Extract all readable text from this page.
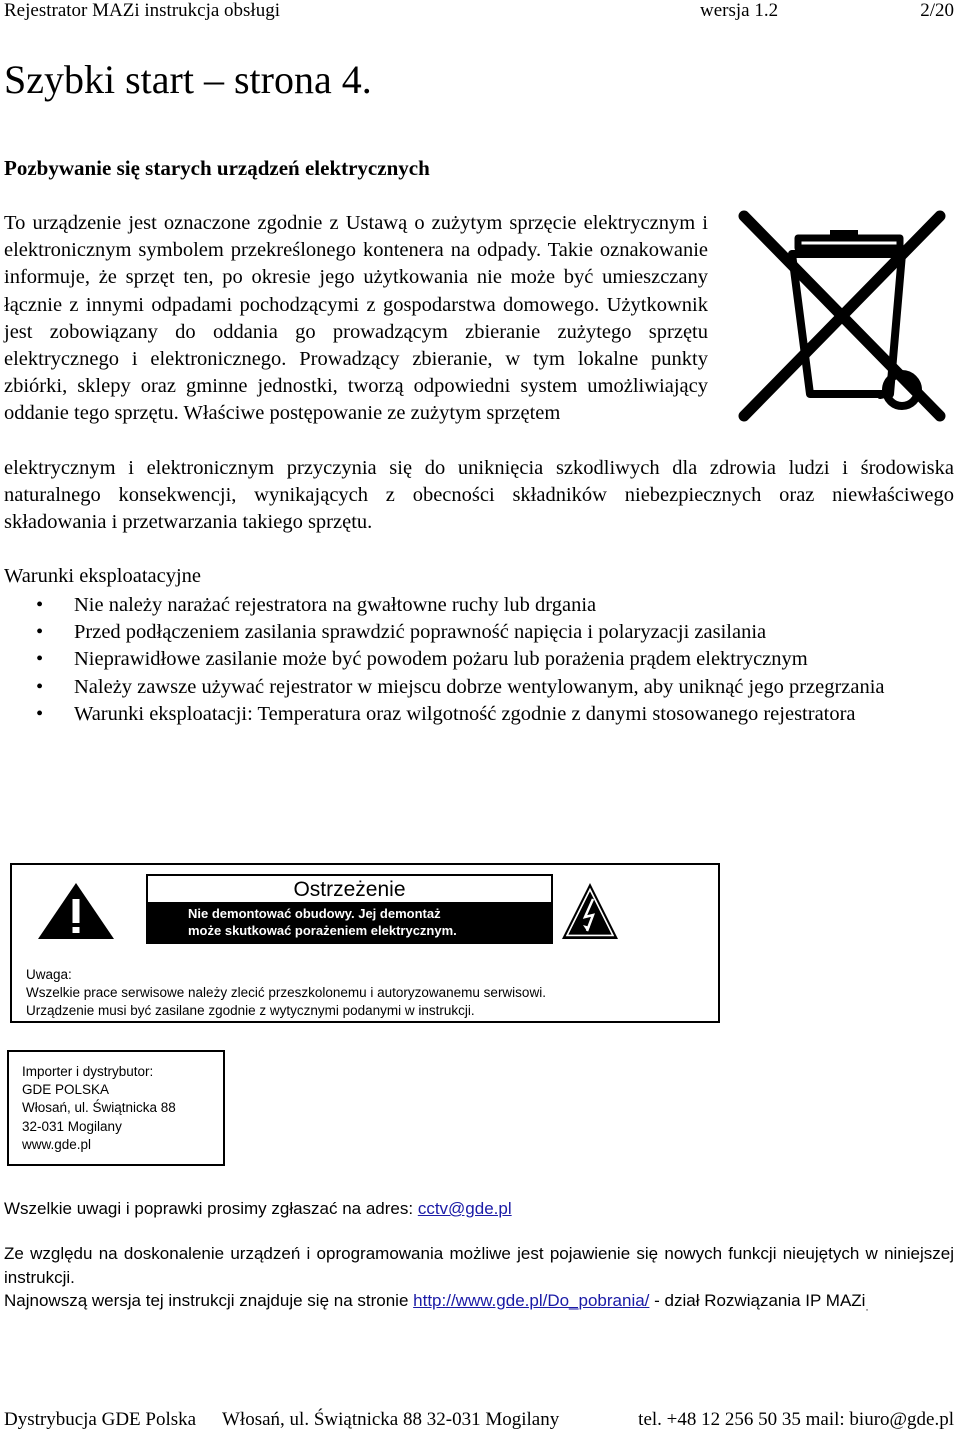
Rejestrator MAZi instrukcja obsługi	wersja 1.2	2/20
Szybki start – strona 4.
Pozbywanie się starych urządzeń elektrycznych
To urządzenie jest oznaczone zgodnie z Ustawą o zużytym sprzęcie elektrycznym i elektronicznym symbolem przekreślonego kontenera na odpady. Takie oznakowanie informuje, że sprzęt ten, po okresie jego użytkowania nie może być umieszczany łącznie z innymi odpadami pochodzącymi z gospodarstwa domowego. Użytkownik jest zobowiązany do oddania go prowadzącym zbieranie zużytego sprzętu elektrycznego i elektronicznego. Prowadzący zbieranie, w tym lokalne punkty zbiórki, sklepy oraz gminne jednostki, tworzą odpowiedni system umożliwiający oddanie tego sprzętu. Właściwe postępowanie ze zużytym sprzętem
elektrycznym i elektronicznym przyczynia się do uniknięcia szkodliwych dla zdrowia ludzi i środowiska naturalnego konsekwencji, wynikających z obecności składników niebezpiecznych oraz niewłaściwego składowania i przetwarzania takiego sprzętu.
Warunki eksploatacyjne
• Nie należy narażać rejestratora na gwałtowne ruchy lub drgania
• Przed podłączeniem zasilania sprawdzić poprawność napięcia i polaryzacji zasilania
• Nieprawidłowe zasilanie może być powodem pożaru lub porażenia prądem elektrycznym
• Należy zawsze używać rejestrator w miejscu dobrze wentylowanym, aby uniknąć jego przegrzania
• Warunki eksploatacji: Temperatura oraz wilgotność zgodnie z danymi stosowanego rejestratora
Ostrzeżenie
Nie demontować obudowy. Jej demontaż
może skutkować porażeniem elektrycznym.
Uwaga:
Wszelkie prace serwisowe należy zlecić przeszkolonemu i autoryzowanemu serwisowi.
Urządzenie musi być zasilane zgodnie z wytycznymi podanymi w instrukcji.
Importer i dystrybutor:
GDE POLSKA
Włosań, ul. Świątnicka 88
32-031 Mogilany
www.gde.pl
Wszelkie uwagi i poprawki prosimy zgłaszać na adres: cctv@gde.pl
Ze względu na doskonalenie urządzeń i oprogramowania możliwe jest pojawienie się nowych funkcji nieujętych w niniejszej instrukcji.
Najnowszą wersja tej instrukcji znajduje się na stronie http://www.gde.pl/Do_pobrania/ - dział Rozwiązania IP MAZi$_.$
Dystrybucja GDE Polska Włosań, ul. Świątnicka 88 32-031 Mogilany	tel. +48 12 256 50 35 mail: biuro@gde.pl
